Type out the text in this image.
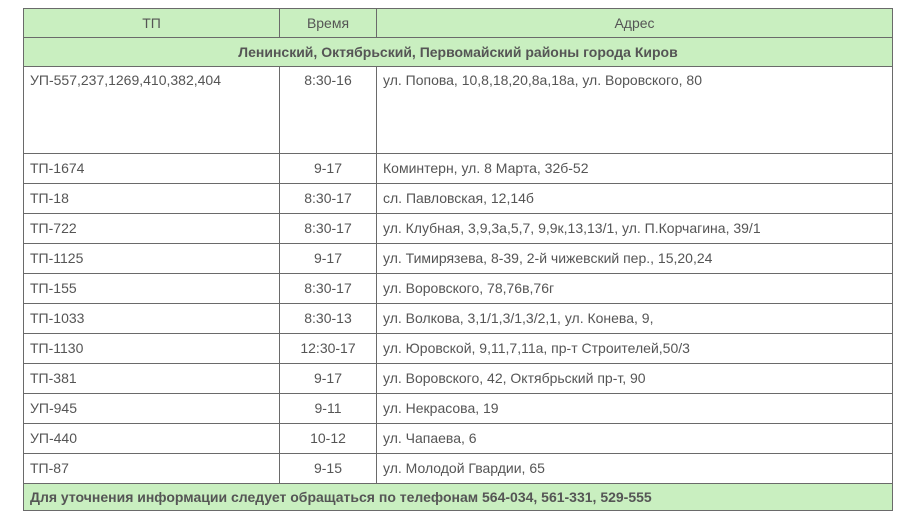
ТП	Время	Адрес
Ленинский, Октябрьский, Первомайский районы города Киров		
УП-557,237,1269,410,382,404	8:30-16	ул. Попова, 10,8,18,20,8а,18а, ул. Воровского, 80
ТП-1674	9-17	Коминтерн, ул. 8 Марта, 32б-52
ТП-18	8:30-17	сл. Павловская, 12,14б
ТП-722	8:30-17	ул. Клубная, 3,9,3а,5,7, 9,9к,13,13/1, ул. П.Корчагина, 39/1
ТП-1125	9-17	ул. Тимирязева, 8-39, 2-й чижевский пер., 15,20,24
ТП-155	8:30-17	ул. Воровского, 78,76в,76г
ТП-1033	8:30-13	ул. Волкова, 3,1/1,3/1,3/2,1, ул. Конева, 9,
ТП-1130	12:30-17	ул. Юровской, 9,11,7,11а, пр-т Строителей,50/3
ТП-381	9-17	ул. Воровского, 42, Октябрьский пр-т, 90
УП-945	9-11	ул. Некрасова, 19
УП-440	10-12	ул. Чапаева, 6
ТП-87	9-15	ул. Молодой Гвардии, 65
Для уточнения информации следует обращаться по телефонам 564-034, 561-331, 529-555		
